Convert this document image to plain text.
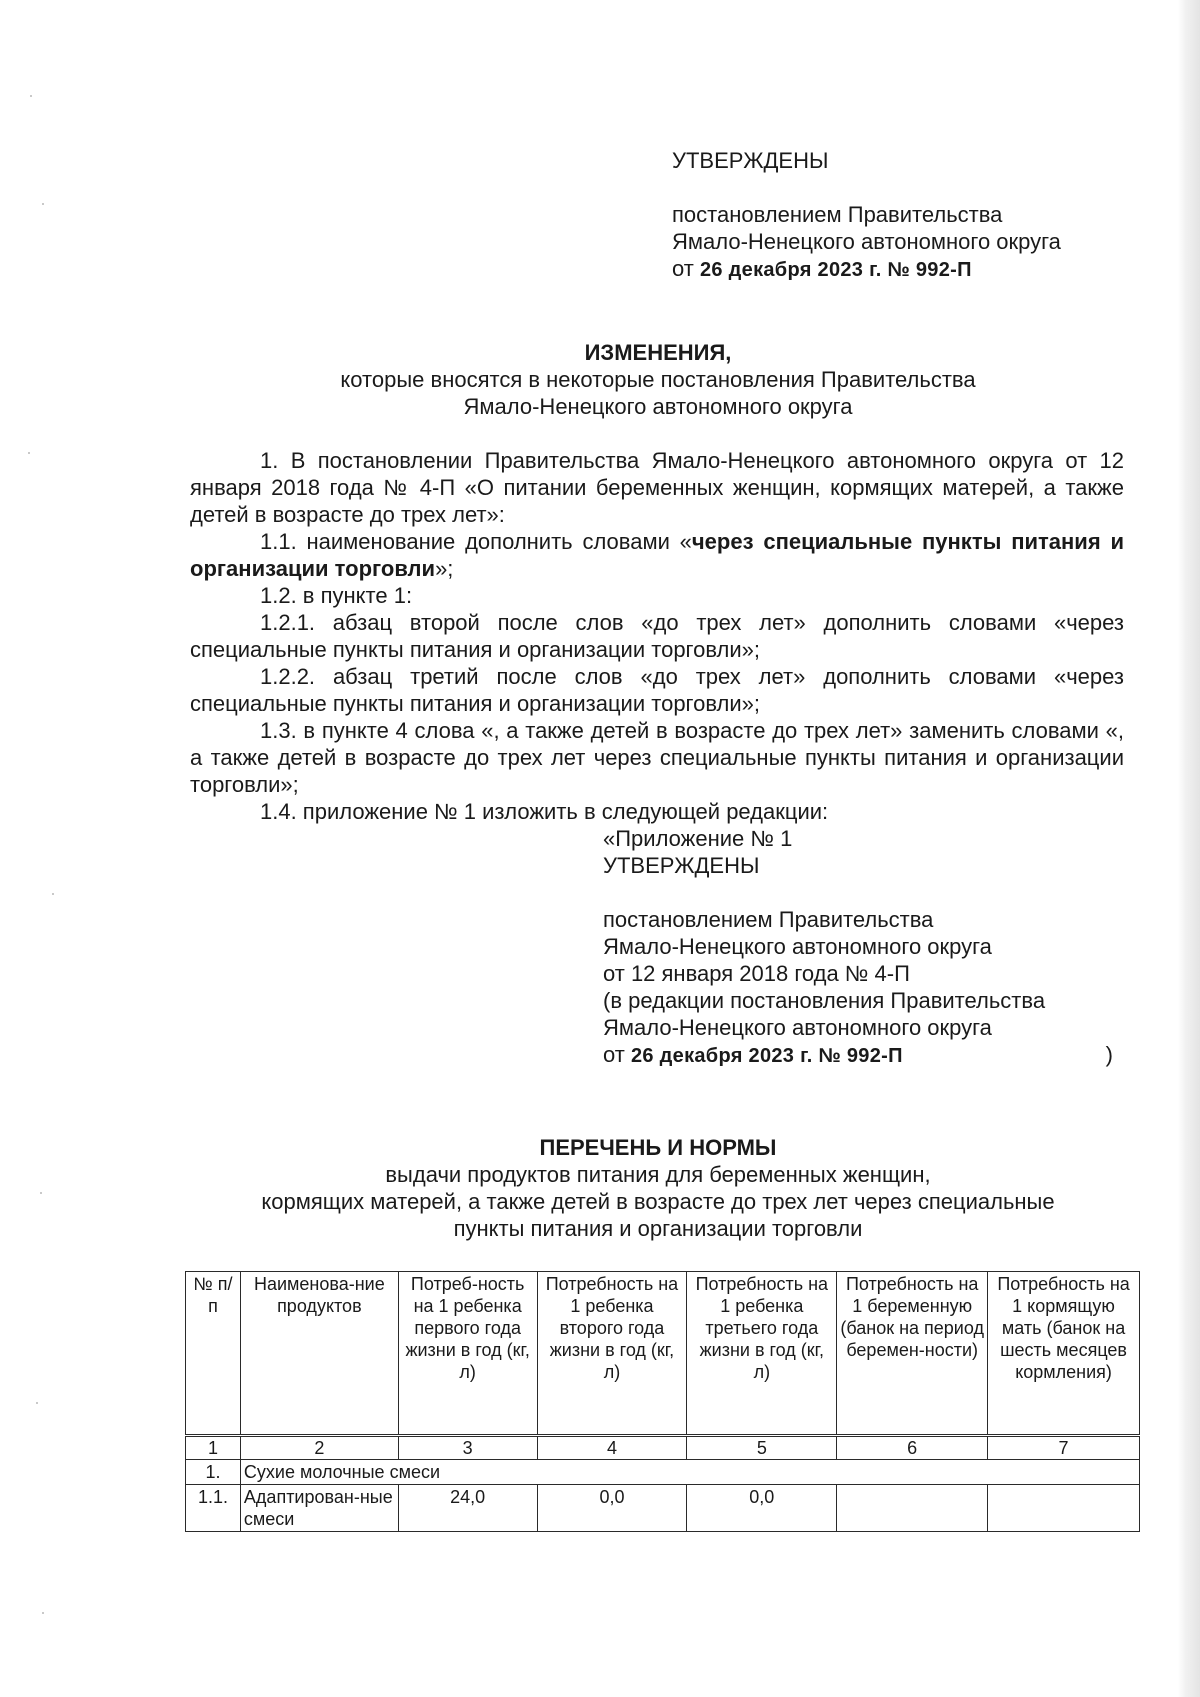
УТВЕРЖДЕНЫ
постановлением Правительства
Ямало-Ненецкого автономного округа
от 26 декабря 2023 г. № 992-П
ИЗМЕНЕНИЯ,
которые вносятся в некоторые постановления Правительства
Ямало-Ненецкого автономного округа
1. В постановлении Правительства Ямало-Ненецкого автономного округа от 12 января 2018 года № 4-П «О питании беременных женщин, кормящих матерей, а также детей в возрасте до трех лет»:
1.1. наименование дополнить словами «через специальные пункты питания и организации торговли»;
1.2. в пункте 1:
1.2.1. абзац второй после слов «до трех лет» дополнить словами «через специальные пункты питания и организации торговли»;
1.2.2. абзац третий после слов «до трех лет» дополнить словами «через специальные пункты питания и организации торговли»;
1.3. в пункте 4 слова «, а также детей в возрасте до трех лет» заменить словами «, а также детей в возрасте до трех лет через специальные пункты питания и организации торговли»;
1.4. приложение № 1 изложить в следующей редакции:
«Приложение № 1
УТВЕРЖДЕНЫ
постановлением Правительства
Ямало-Ненецкого автономного округа
от 12 января 2018 года № 4-П
(в редакции постановления Правительства
Ямало-Ненецкого автономного округа
от 26 декабря 2023 г. № 992-П	)
ПЕРЕЧЕНЬ И НОРМЫ
выдачи продуктов питания для беременных женщин,
кормящих матерей, а также детей в возрасте до трех лет через специальные
пункты питания и организации торговли
№ п/п	Наименова-ние продуктов	Потреб-ность на 1 ребенка первого года жизни в год (кг, л)	Потребность на 1 ребенка второго года жизни в год (кг, л)	Потребность на 1 ребенка третьего года жизни в год (кг, л)	Потребность на 1 беременную (банок на период беремен-ности)	Потребность на 1 кормящую мать (банок на шесть месяцев кормления)
1	2	3	4	5	6	7
1.	Сухие молочные смеси					
1.1.	Адаптирован-ные смеси	24,0	0,0	0,0		
